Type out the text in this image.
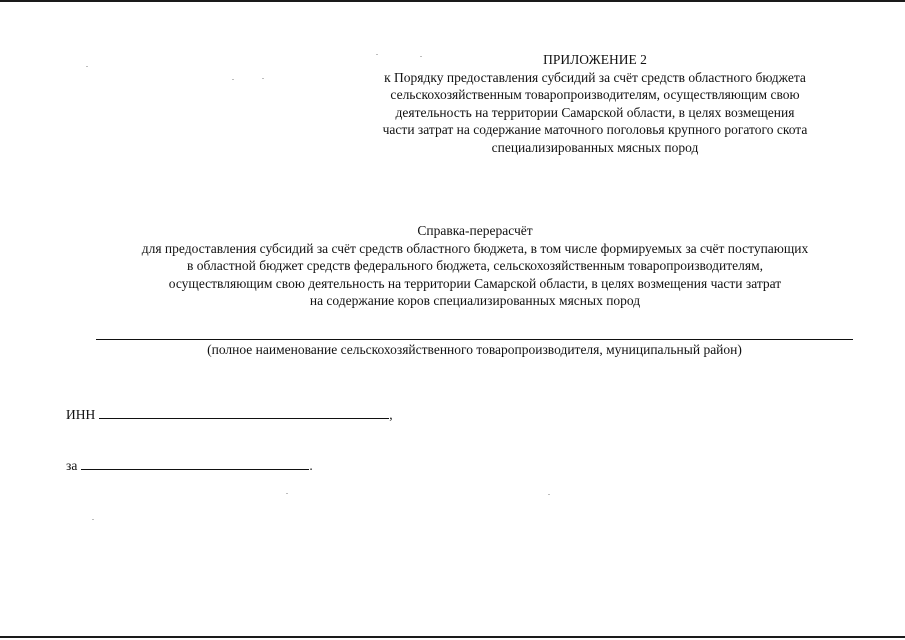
ПРИЛОЖЕНИЕ 2
к Порядку предоставления субсидий за счёт средств областного бюджета
сельскохозяйственным товаропроизводителям, осуществляющим свою
деятельность на территории Самарской области, в целях возмещения
части затрат на содержание маточного поголовья крупного рогатого скота
специализированных мясных пород
Справка-перерасчёт
для предоставления субсидий за счёт средств областного бюджета, в том числе формируемых за счёт поступающих
в областной бюджет средств федерального бюджета, сельскохозяйственным товаропроизводителям,
осуществляющим свою деятельность на территории Самарской области, в целях возмещения части затрат
на содержание коров специализированных мясных пород
(полное наименование сельскохозяйственного товаропроизводителя, муниципальный район)
ИНН	,
за	.
